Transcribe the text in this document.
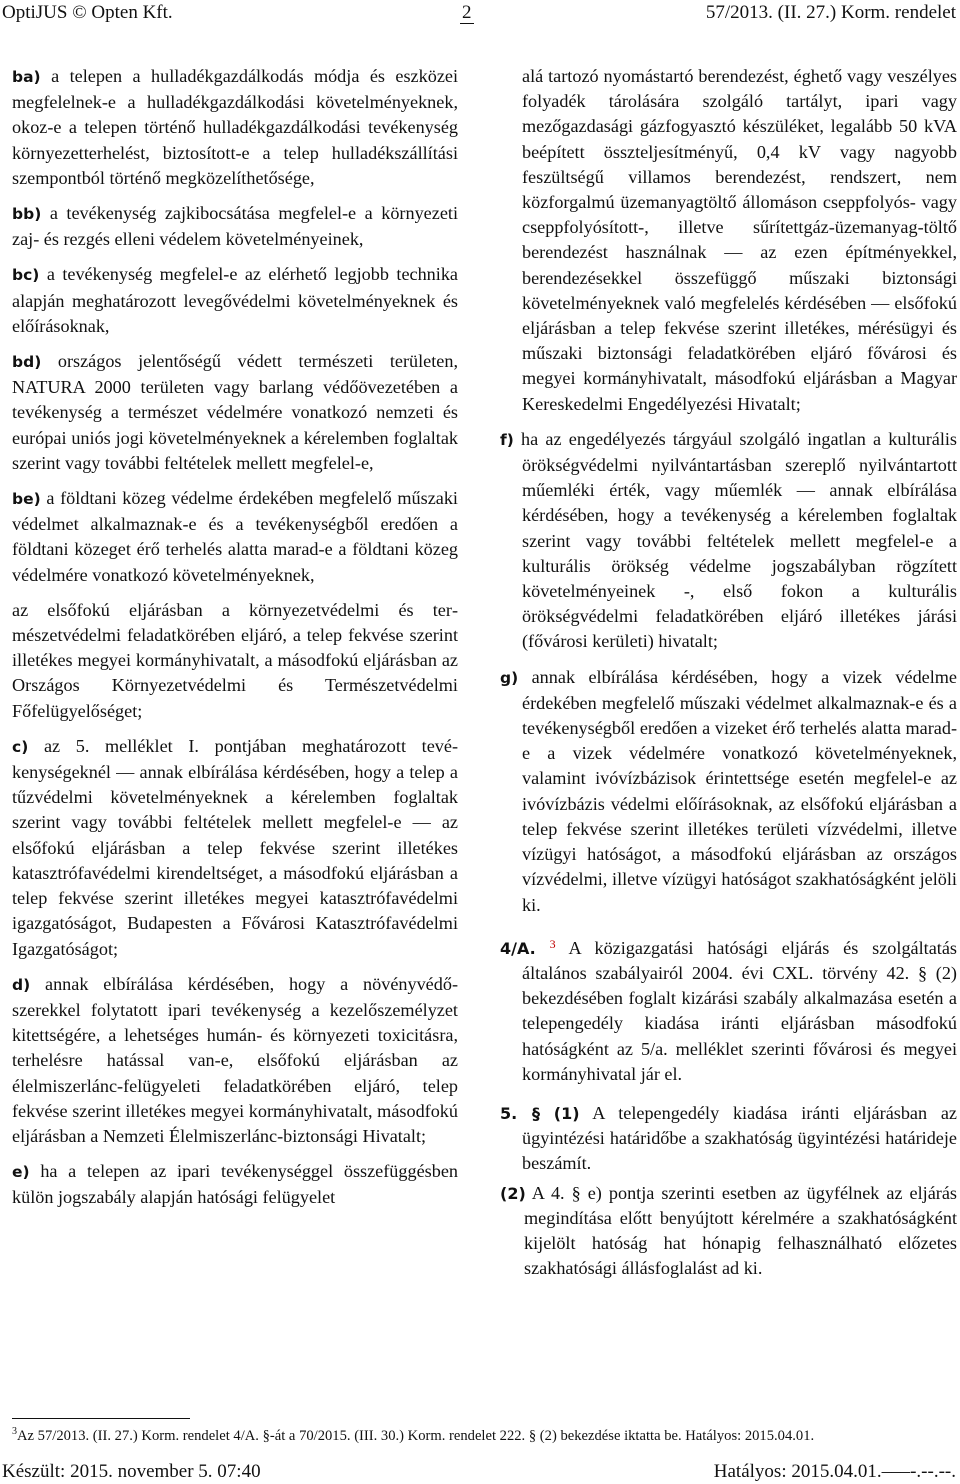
OptiJUS © Opten Kft.	2	57/2013. (II. 27.) Korm. rendelet

ba) a telepen a hulladékgazdálkodás módja és eszközei megfelelnek-e a hulladékgazdálkodási követelményeknek, okoz-e a telepen történő hulladékgazdálkodási tevékenység környezetterhelést, biztosított-e a telep hulladékszállítási szempontból történő megközelíthetősége,

bb) a tevékenység zajkibocsátása megfelel-e a környezeti zaj- és rezgés elleni védelem követelményeinek,

bc) a tevékenység megfelel-e az elérhető legjobb technika alapján meghatározott levegővédelmi követelményeknek és előírásoknak,

bd) országos jelentőségű védett természeti területen, NATURA 2000 területen vagy barlang védőövezetében a tevékenység a természet védelmére vonatkozó nemzeti és európai uniós jogi követelményeknek a kérelemben foglaltak szerint vagy további feltételek mellett megfelel-e,

be) a földtani közeg védelme érdekében megfelelő műszaki védelmet alkalmaznak-e és a tevékenységből eredően a földtani közeget érő terhelés alatta marad-e a földtani közeg védelmére vonatkozó követelményeknek,

az elsőfokú eljárásban a környezetvédelmi és természetvédelmi feladatkörében eljáró, a telep fekvése szerint illetékes megyei kormányhivatalt, a másodfokú eljárásban az Országos Környezetvédelmi és Természetvédelmi Főfelügyelőséget;

c) az 5. melléklet I. pontjában meghatározott tevékenységeknél — annak elbírálása kérdésében, hogy a telep a tűzvédelmi követelményeknek a kérelemben foglaltak szerint vagy további feltételek mellett megfelel-e — az elsőfokú eljárásban a telep fekvése szerint illetékes katasztrófavédelmi kirendeltséget, a másodfokú eljárásban a telep fekvése szerint illetékes megyei katasztrófavédelmi igazgatóságot, Budapesten a Fővárosi Katasztrófavédelmi Igazgatóságot;

d) annak elbírálása kérdésében, hogy a növényvédőszerekkel folytatott ipari tevékenység a kezelőszemélyzet kitettségére, a lehetséges humán- és környezeti toxicitásra, terhelésre hatással van-e, elsőfokú eljárásban az élelmiszerlánc-felügyeleti feladatkörében eljáró, telep fekvése szerint illetékes megyei kormányhivatalt, másodfokú eljárásban a Nemzeti Élelmiszerlánc-biztonsági Hivatalt;

e) ha a telepen az ipari tevékenységgel összefüggésben külön jogszabály alapján hatósági felügyelet

alá tartozó nyomástartó berendezést, éghető vagy veszélyes folyadék tárolására szolgáló tartályt, ipari vagy mezőgazdasági gázfogyasztó készüléket, legalább 50 kVA beépített összteljesítményű, 0,4 kV vagy nagyobb feszültségű villamos berendezést, rendszert, nem közforgalmú üzemanyagtöltő állomáson cseppfolyós- vagy cseppfolyósított-, illetve sűrítettgáz-üzemanyag-töltő berendezést használnak — az ezen építményekkel, berendezésekkel összefüggő műszaki biztonsági követelményeknek való megfelelés kérdésében — elsőfokú eljárásban a telep fekvése szerint illetékes, mérésügyi és műszaki biztonsági feladatkörében eljáró fővárosi és megyei kormányhivatalt, másodfokú eljárásban a Magyar Kereskedelmi Engedélyezési Hivatalt;

f) ha az engedélyezés tárgyául szolgáló ingatlan a kulturális örökségvédelmi nyilvántartásban szereplő nyilvántartott műemléki érték, vagy műemlék — annak elbírálása kérdésében, hogy a tevékenység a kérelemben foglaltak szerint vagy további feltételek mellett megfelel-e a kulturális örökség védelme jogszabályban rögzített követelményeinek -, első fokon a kulturális örökségvédelmi feladatkörében eljáró illetékes járási (fővárosi kerületi) hivatalt;

g) annak elbírálása kérdésében, hogy a vizek védelme érdekében megfelelő műszaki védelmet alkalmaznak-e és a tevékenységből eredően a vizeket érő terhelés alatta marad-e a vizek védelmére vonatkozó követelményeknek, valamint ivóvízbázisok érintettsége esetén megfelel-e az ivóvízbázis védelmi előírásoknak, az elsőfokú eljárásban a telep fekvése szerint illetékes területi vízvédelmi, illetve vízügyi hatóságot, a másodfokú eljárásban az országos vízvédelmi, illetve vízügyi hatóságot szakhatóságként jelöli ki.

4/A. $^3$ A közigazgatási hatósági eljárás és szolgáltatás általános szabályairól 2004. évi CXL. törvény 42. § (2) bekezdésében foglalt kizárási szabály alkalmazása esetén a telepengedély kiadása iránti eljárásban másodfokú hatóságként az 5/a. melléklet szerinti fővárosi és megyei kormányhivatal jár el.

5. § (1) A telepengedély kiadása iránti eljárásban az ügyintézési határidőbe a szakhatóság ügyintézési határideje beszámít.

(2) A 4. § e) pontja szerinti esetben az ügyfélnek az eljárás megindítása előtt benyújtott kérelmére a szakhatóságként kijelölt hatóság hat hónapig felhasználható előzetes szakhatósági állásfoglalást ad ki.

$^3$Az 57/2013. (II. 27.) Korm. rendelet 4/A. §-át a 70/2015. (III. 30.) Korm. rendelet 222. § (2) bekezdése iktatta be. Hatályos: 2015.04.01.
Készült: 2015. november 5. 07:40	Hatályos: 2015.04.01.–––-.--.--.
